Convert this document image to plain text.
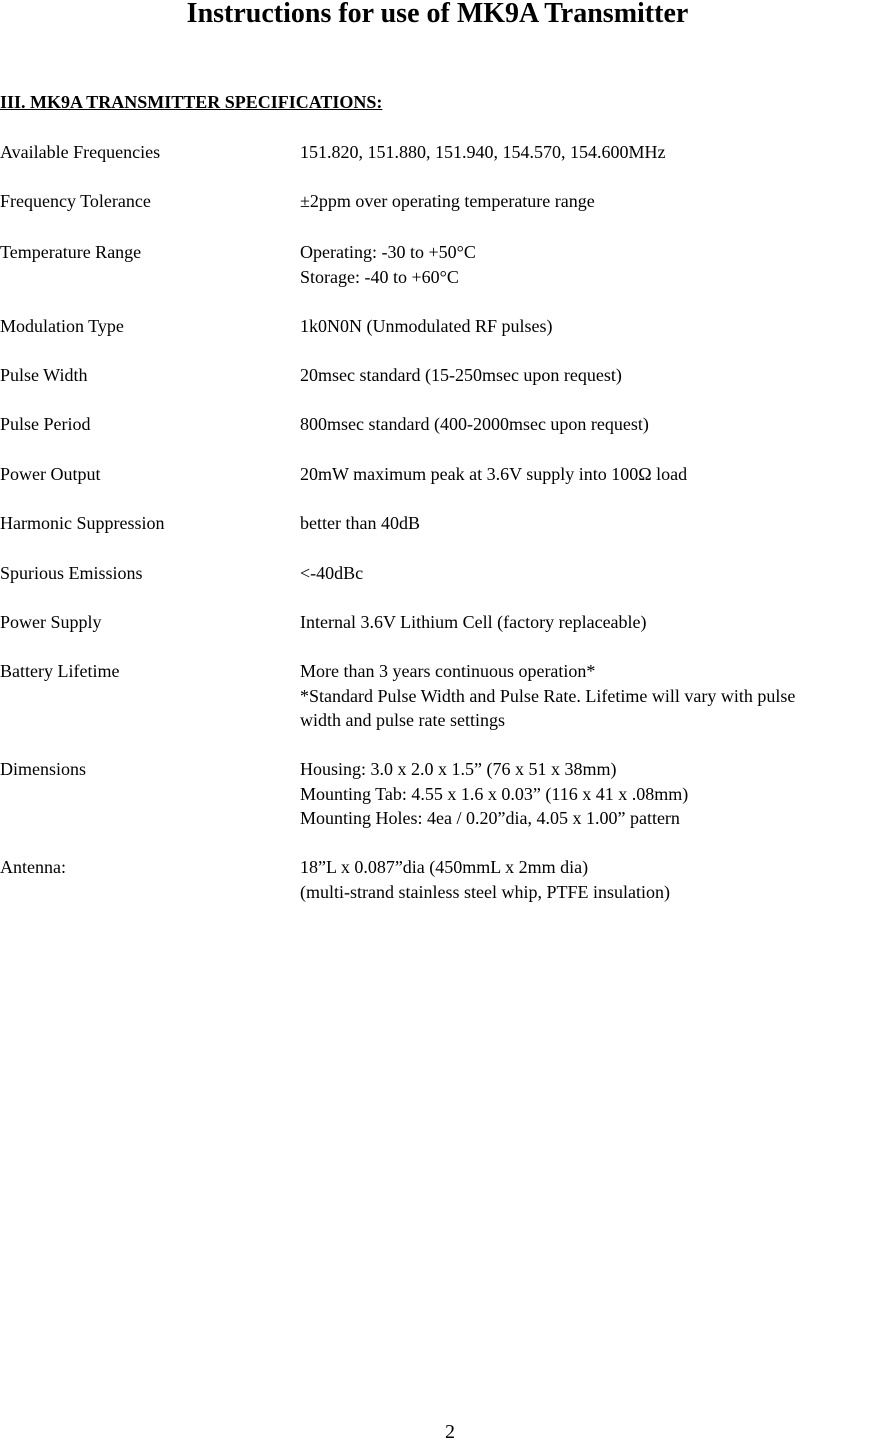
Instructions for use of MK9A Transmitter
III. MK9A TRANSMITTER SPECIFICATIONS:
Available Frequencies	151.820, 151.880, 151.940, 154.570, 154.600MHz
Frequency Tolerance	±2ppm over operating temperature range
Temperature Range	Operating: -30 to +50°C
Storage: -40 to +60°C
Modulation Type	1k0N0N (Unmodulated RF pulses)
Pulse Width	20msec standard (15-250msec upon request)
Pulse Period	800msec standard (400-2000msec upon request)
Power Output	20mW maximum peak at 3.6V supply into 100Ω load
Harmonic Suppression	better than 40dB
Spurious Emissions	<-40dBc
Power Supply	Internal 3.6V Lithium Cell (factory replaceable)
Battery Lifetime	More than 3 years continuous operation*
*Standard Pulse Width and Pulse Rate. Lifetime will vary with pulse
width and pulse rate settings
Dimensions	Housing: 3.0 x 2.0 x 1.5” (76 x 51 x 38mm)
Mounting Tab: 4.55 x 1.6 x 0.03” (116 x 41 x .08mm)
Mounting Holes: 4ea / 0.20”dia, 4.05 x 1.00” pattern
Antenna:	18”L x 0.087”dia (450mmL x 2mm dia)
(multi-strand stainless steel whip, PTFE insulation)
2
